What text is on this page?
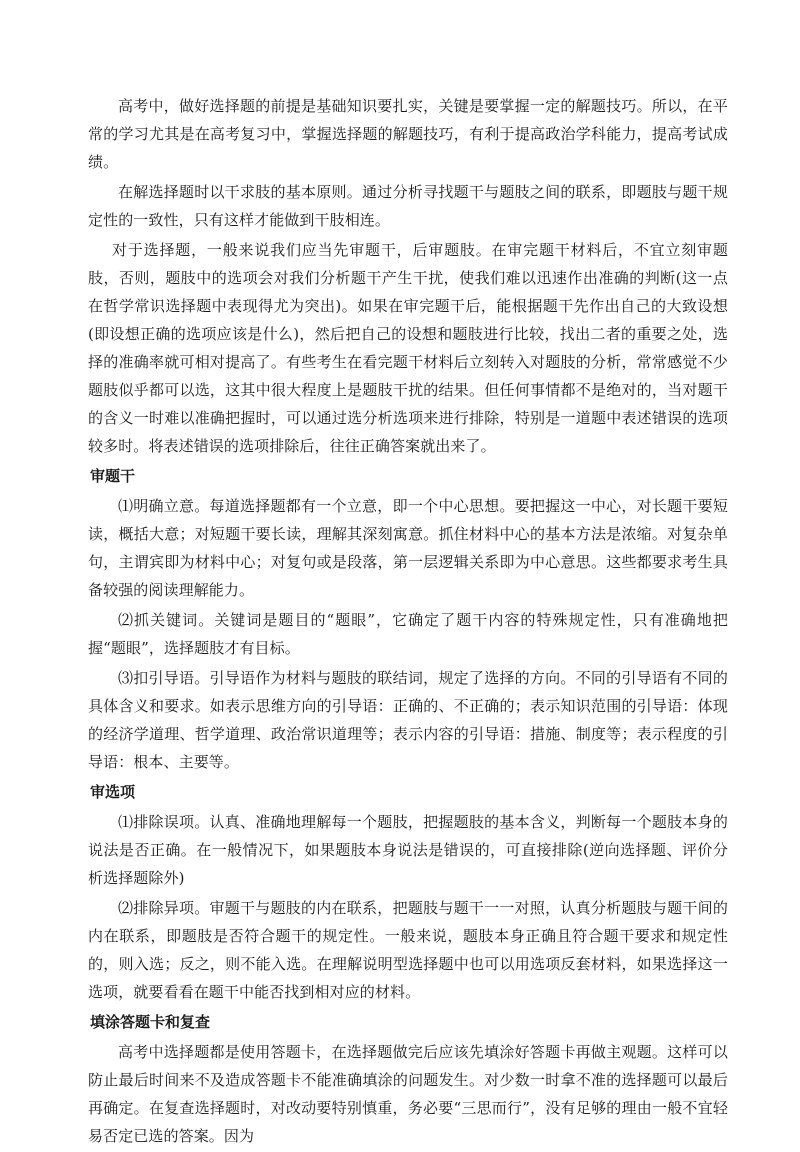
高考中，做好选择题的前提是基础知识要扎实，关键是要掌握一定的解题技巧。所以，在平常的学习尤其是在高考复习中，掌握选择题的解题技巧，有利于提高政治学科能力，提高考试成绩。

在解选择题时以干求肢的基本原则。通过分析寻找题干与题肢之间的联系，即题肢与题干规定性的一致性，只有这样才能做到干肢相连。

对于选择题，一般来说我们应当先审题干，后审题肢。在审完题干材料后，不宜立刻审题肢，否则，题肢中的选项会对我们分析题干产生干扰，使我们难以迅速作出准确的判断(这一点在哲学常识选择题中表现得尤为突出)。如果在审完题干后，能根据题干先作出自己的大致设想(即设想正确的选项应该是什么)，然后把自己的设想和题肢进行比较，找出二者的重要之处，选择的准确率就可相对提高了。有些考生在看完题干材料后立刻转入对题肢的分析，常常感觉不少题肢似乎都可以选，这其中很大程度上是题肢干扰的结果。但任何事情都不是绝对的，当对题干的含义一时难以准确把握时，可以通过选分析选项来进行排除，特别是一道题中表述错误的选项较多时。将表述错误的选项排除后，往往正确答案就出来了。

审题干

⑴明确立意。每道选择题都有一个立意，即一个中心思想。要把握这一中心，对长题干要短读，概括大意；对短题干要长读，理解其深刻寓意。抓住材料中心的基本方法是浓缩。对复杂单句，主谓宾即为材料中心；对复句或是段落，第一层逻辑关系即为中心意思。这些都要求考生具备较强的阅读理解能力。

⑵抓关键词。关键词是题目的“题眼”，它确定了题干内容的特殊规定性，只有准确地把握“题眼”，选择题肢才有目标。

⑶扣引导语。引导语作为材料与题肢的联结词，规定了选择的方向。不同的引导语有不同的具体含义和要求。如表示思维方向的引导语：正确的、不正确的；表示知识范围的引导语：体现的经济学道理、哲学道理、政治常识道理等；表示内容的引导语：措施、制度等；表示程度的引导语：根本、主要等。

审选项

⑴排除误项。认真、准确地理解每一个题肢，把握题肢的基本含义，判断每一个题肢本身的说法是否正确。在一般情况下，如果题肢本身说法是错误的，可直接排除(逆向选择题、评价分析选择题除外)

⑵排除异项。审题干与题肢的内在联系，把题肢与题干一一对照，认真分析题肢与题干间的内在联系，即题肢是否符合题干的规定性。一般来说，题肢本身正确且符合题干要求和规定性的，则入选；反之，则不能入选。在理解说明型选择题中也可以用选项反套材料，如果选择这一选项，就要看看在题干中能否找到相对应的材料。

填涂答题卡和复查

高考中选择题都是使用答题卡，在选择题做完后应该先填涂好答题卡再做主观题。这样可以防止最后时间来不及造成答题卡不能准确填涂的问题发生。对少数一时拿不准的选择题可以最后再确定。在复查选择题时，对改动要特别慎重，务必要“三思而行”，没有足够的理由一般不宜轻易否定已选的答案。因为
